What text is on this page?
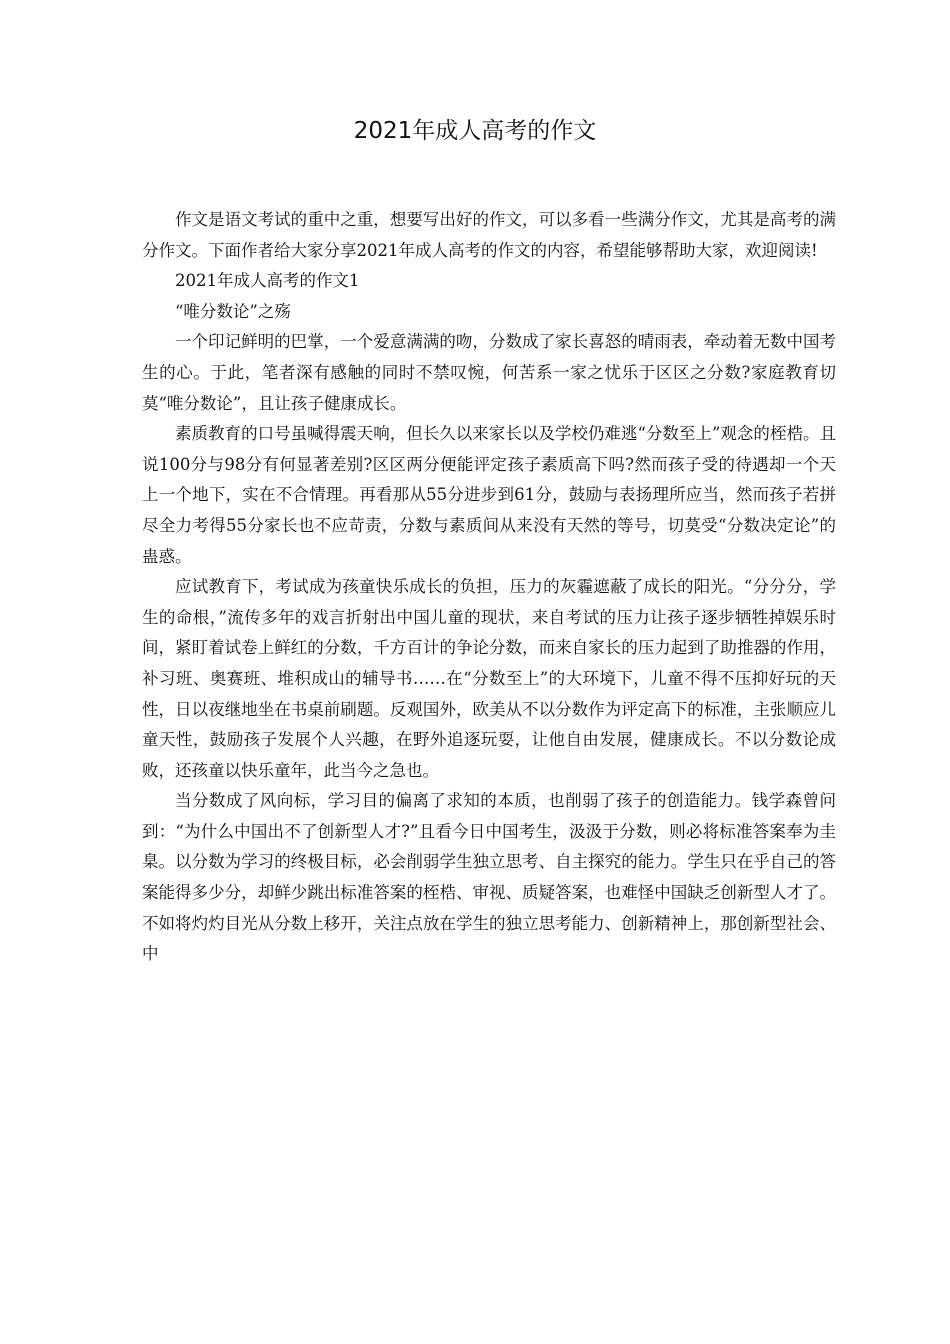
2021年成人高考的作文

作文是语文考试的重中之重，想要写出好的作文，可以多看一些满分作文，尤其是高考的满分作文。下面作者给大家分享2021年成人高考的作文的内容，希望能够帮助大家，欢迎阅读!

2021年成人高考的作文1

“唯分数论”之殇

一个印记鲜明的巴掌，一个爱意满满的吻，分数成了家长喜怒的晴雨表，牵动着无数中国考生的心。于此，笔者深有感触的同时不禁叹惋，何苦系一家之忧乐于区区之分数?家庭教育切莫“唯分数论”，且让孩子健康成长。

素质教育的口号虽喊得震天响，但长久以来家长以及学校仍难逃“分数至上”观念的桎梏。且说100分与98分有何显著差别?区区两分便能评定孩子素质高下吗?然而孩子受的待遇却一个天上一个地下，实在不合情理。再看那从55分进步到61分，鼓励与表扬理所应当，然而孩子若拼尽全力考得55分家长也不应苛责，分数与素质间从来没有天然的等号，切莫受“分数决定论”的蛊惑。

应试教育下，考试成为孩童快乐成长的负担，压力的灰霾遮蔽了成长的阳光。“分分分，学生的命根，”流传多年的戏言折射出中国儿童的现状，来自考试的压力让孩子逐步牺牲掉娱乐时间，紧盯着试卷上鲜红的分数，千方百计的争论分数，而来自家长的压力起到了助推器的作用，补习班、奥赛班、堆积成山的辅导书……在“分数至上”的大环境下，儿童不得不压抑好玩的天性，日以夜继地坐在书桌前刷题。反观国外，欧美从不以分数作为评定高下的标准，主张顺应儿童天性，鼓励孩子发展个人兴趣，在野外追逐玩耍，让他自由发展，健康成长。不以分数论成败，还孩童以快乐童年，此当今之急也。

当分数成了风向标，学习目的偏离了求知的本质，也削弱了孩子的创造能力。钱学森曾问到：“为什么中国出不了创新型人才?”且看今日中国考生，汲汲于分数，则必将标准答案奉为圭臬。以分数为学习的终极目标，必会削弱学生独立思考、自主探究的能力。学生只在乎自己的答案能得多少分，却鲜少跳出标准答案的桎梏、审视、质疑答案，也难怪中国缺乏创新型人才了。不如将灼灼目光从分数上移开，关注点放在学生的独立思考能力、创新精神上，那创新型社会、中
